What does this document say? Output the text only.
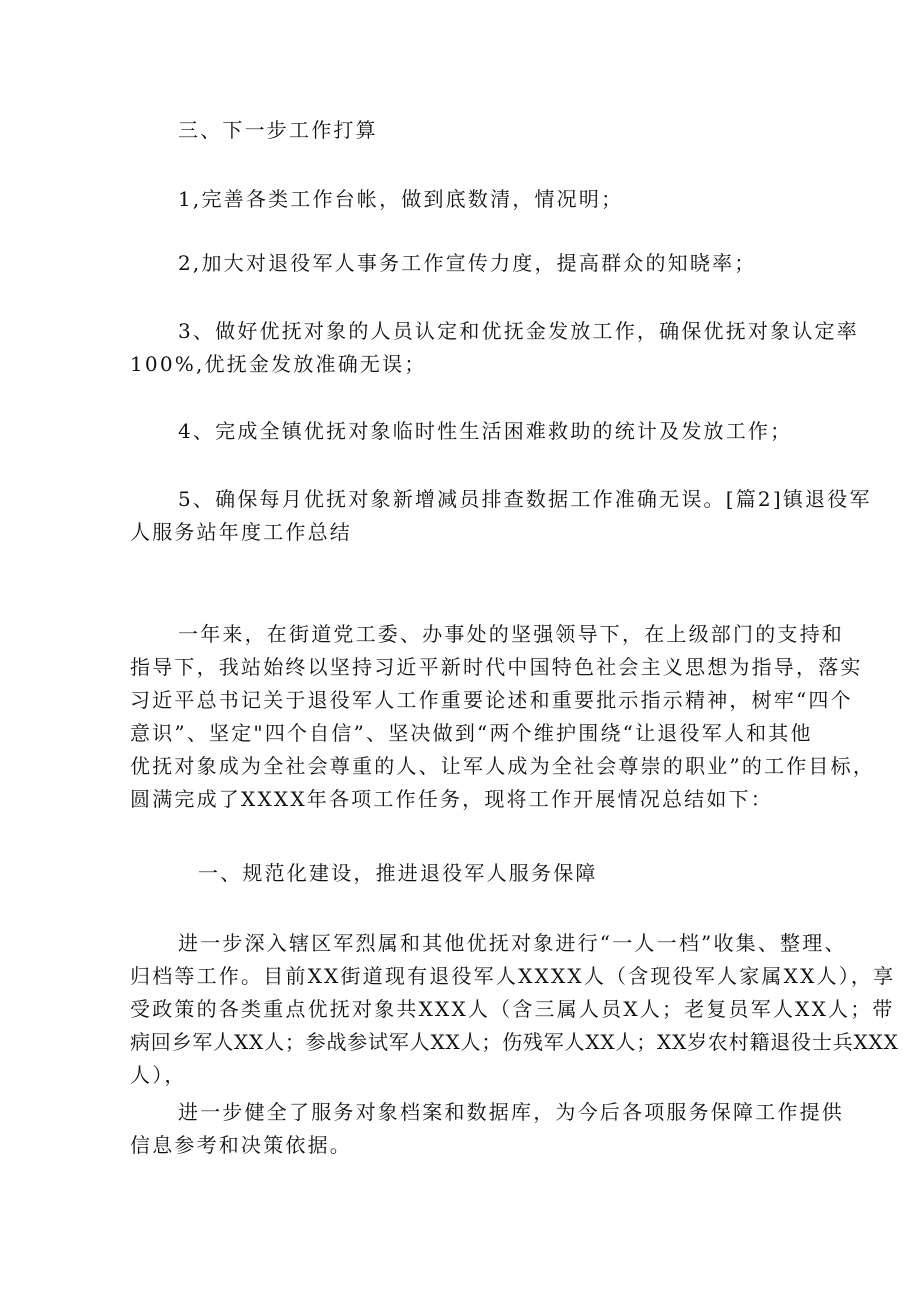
三、下一步工作打算
1,完善各类工作台帐，做到底数清，情况明；
2,加大对退役军人事务工作宣传力度，提高群众的知晓率；
3、做好优抚对象的人员认定和优抚金发放工作，确保优抚对象认定率
100%,优抚金发放准确无误；
4、完成全镇优抚对象临时性生活困难救助的统计及发放工作；
5、确保每月优抚对象新增减员排查数据工作准确无误。[篇2]镇退役军
人服务站年度工作总结
一年来，在街道党工委、办事处的坚强领导下，在上级部门的支持和
指导下，我站始终以坚持习近平新时代中国特色社会主义思想为指导，落实
习近平总书记关于退役军人工作重要论述和重要批示指示精神，树牢“四个
意识”、坚定"四个自信”、坚决做到“两个维护围绕“让退役军人和其他
优抚对象成为全社会尊重的人、让军人成为全社会尊崇的职业”的工作目标，
圆满完成了XXXX年各项工作任务，现将工作开展情况总结如下：
一、规范化建设，推进退役军人服务保障
进一步深入辖区军烈属和其他优抚对象进行“一人一档”收集、整理、
归档等工作。目前XX街道现有退役军人XXXX人（含现役军人家属XX人），享
受政策的各类重点优抚对象共XXX人（含三属人员X人；老复员军人XX人；带
病回乡军人XX人；参战参试军人XX人；伤残军人XX人；XX岁农村籍退役士兵XXX
人），
进一步健全了服务对象档案和数据库，为今后各项服务保障工作提供
信息参考和决策依据。
